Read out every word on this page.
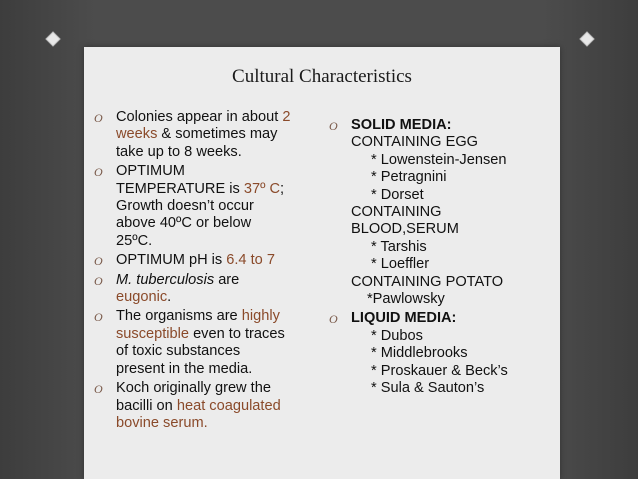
Cultural Characteristics
O Colonies appear in about 2
weeks & sometimes may
take up to 8 weeks.
O OPTIMUM
TEMPERATURE is 37º C;
Growth doesn’t occur
above 40ºC or below
25ºC.
O OPTIMUM pH is 6.4 to 7
O M. tuberculosis are
eugonic.
O The organisms are highly
susceptible even to traces
of toxic substances
present in the media.
O Koch originally grew the
bacilli on heat coagulated
bovine serum.
O SOLID MEDIA:
CONTAINING EGG
* Lowenstein-Jensen
* Petragnini
* Dorset
CONTAINING
BLOOD,SERUM
* Tarshis
* Loeffler
CONTAINING POTATO
*Pawlowsky
O LIQUID MEDIA:
* Dubos
* Middlebrooks
* Proskauer & Beck’s
* Sula & Sauton’s
